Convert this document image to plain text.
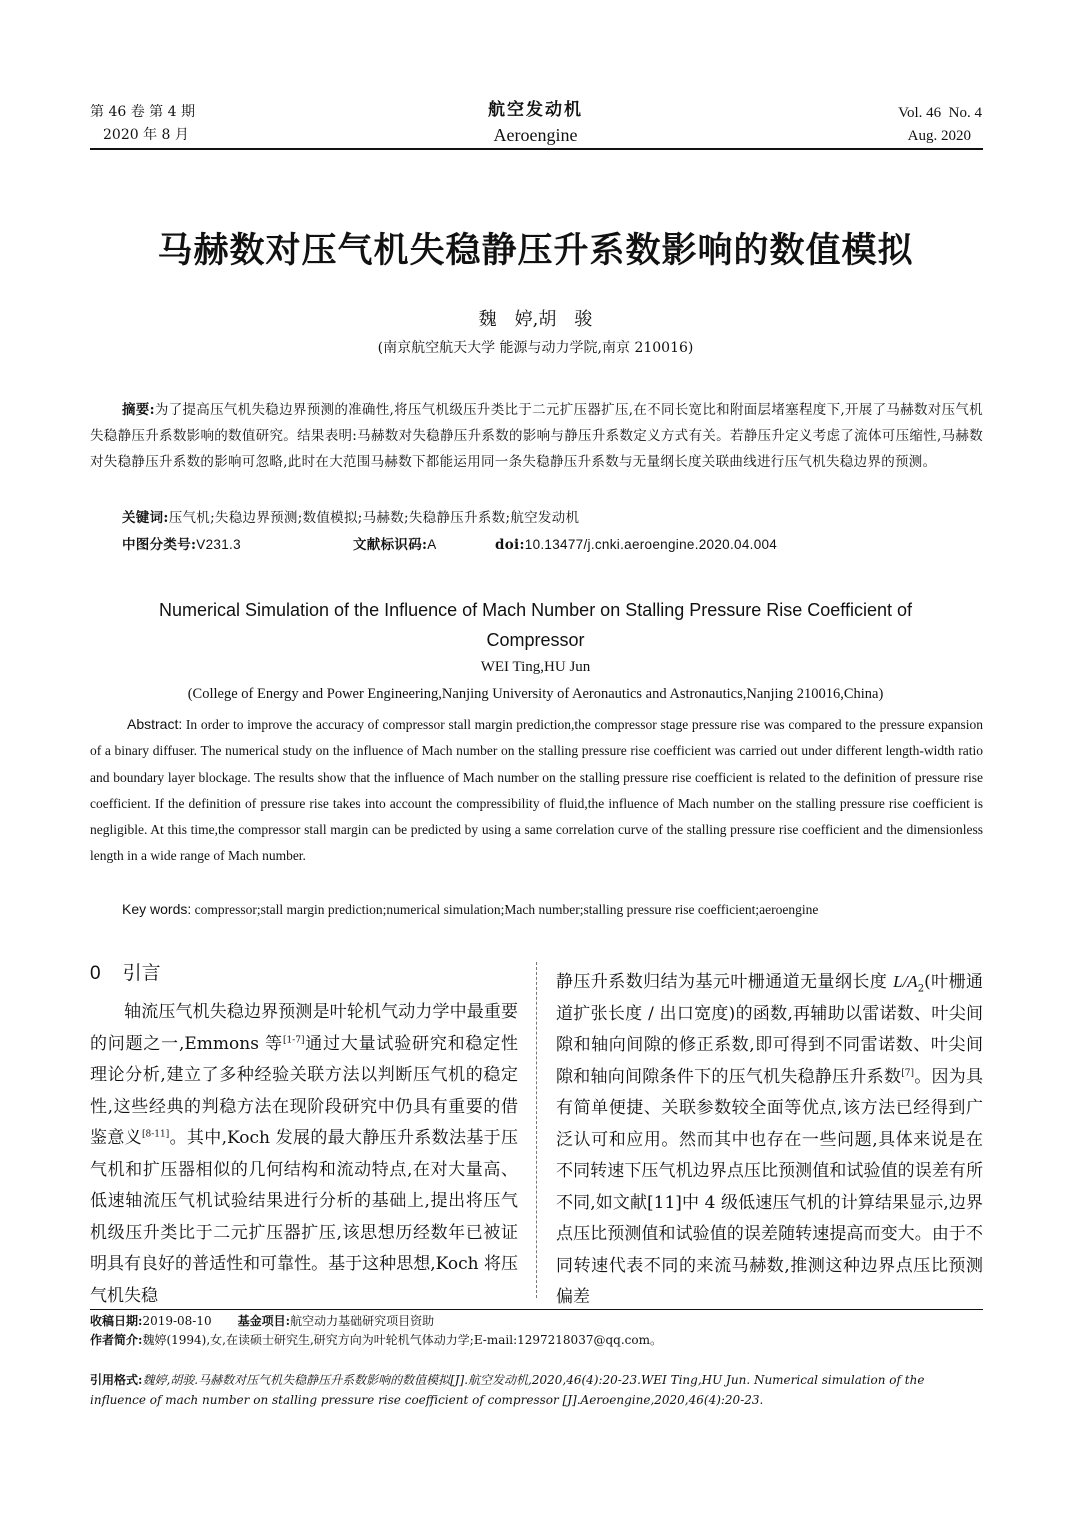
第 46 卷 第 4 期
2020 年 8 月
航空发动机
Aeroengine
Vol. 46  No. 4
Aug. 2020
马赫数对压气机失稳静压升系数影响的数值模拟
魏　婷,胡　骏
(南京航空航天大学 能源与动力学院,南京 210016)
摘要:为了提高压气机失稳边界预测的准确性,将压气机级压升类比于二元扩压器扩压,在不同长宽比和附面层堵塞程度下,开展了马赫数对压气机失稳静压升系数影响的数值研究。结果表明:马赫数对失稳静压升系数的影响与静压升系数定义方式有关。若静压升定义考虑了流体可压缩性,马赫数对失稳静压升系数的影响可忽略,此时在大范围马赫数下都能运用同一条失稳静压升系数与无量纲长度关联曲线进行压气机失稳边界的预测。
关键词:压气机;失稳边界预测;数值模拟;马赫数;失稳静压升系数;航空发动机
中图分类号:V231.3	文献标识码:A	doi:10.13477/j.cnki.aeroengine.2020.04.004
Numerical Simulation of the Influence of Mach Number on Stalling Pressure Rise Coefficient of
Compressor
WEI Ting,HU Jun
(College of Energy and Power Engineering,Nanjing University of Aeronautics and Astronautics,Nanjing 210016,China)
Abstract: In order to improve the accuracy of compressor stall margin prediction,the compressor stage pressure rise was compared to the pressure expansion of a binary diffuser. The numerical study on the influence of Mach number on the stalling pressure rise coefficient was carried out under different length-width ratio and boundary layer blockage. The results show that the influence of Mach number on the stalling pressure rise coefficient is related to the definition of pressure rise coefficient. If the definition of pressure rise takes into account the compressibility of fluid,the influence of Mach number on the stalling pressure rise coefficient is negligible. At this time,the compressor stall margin can be predicted by using a same correlation curve of the stalling pressure rise coefficient and the dimensionless length in a wide range of Mach number.
Key words: compressor;stall margin prediction;numerical simulation;Mach number;stalling pressure rise coefficient;aeroengine
0 引言
轴流压气机失稳边界预测是叶轮机气动力学中最重要的问题之一,Emmons 等[1-7]通过大量试验研究和稳定性理论分析,建立了多种经验关联方法以判断压气机的稳定性,这些经典的判稳方法在现阶段研究中仍具有重要的借鉴意义[8-11]。其中,Koch 发展的最大静压升系数法基于压气机和扩压器相似的几何结构和流动特点,在对大量高、低速轴流压气机试验结果进行分析的基础上,提出将压气机级压升类比于二元扩压器扩压,该思想历经数年已被证明具有良好的普适性和可靠性。基于这种思想,Koch 将压气机失稳
静压升系数归结为基元叶栅通道无量纲长度 $L/A_2$(叶栅通道扩张长度 / 出口宽度)的函数,再辅助以雷诺数、叶尖间隙和轴向间隙的修正系数,即可得到不同雷诺数、叶尖间隙和轴向间隙条件下的压气机失稳静压升系数[7]。因为具有简单便捷、关联参数较全面等优点,该方法已经得到广泛认可和应用。然而其中也存在一些问题,具体来说是在不同转速下压气机边界点压比预测值和试验值的误差有所不同,如文献[11]中 4 级低速压气机的计算结果显示,边界点压比预测值和试验值的误差随转速提高而变大。由于不同转速代表不同的来流马赫数,推测这种边界点压比预测偏差
收稿日期:2019-08-10 基金项目:航空动力基础研究项目资助
作者简介:魏婷(1994),女,在读硕士研究生,研究方向为叶轮机气体动力学;E-mail:1297218037@qq.com。
引用格式:魏婷,胡骏.马赫数对压气机失稳静压升系数影响的数值模拟[J].航空发动机,2020,46(4):20-23.WEI Ting,HU Jun. Numerical simulation of the influence of mach number on stalling pressure rise coefficient of compressor [J].Aeroengine,2020,46(4):20-23.
